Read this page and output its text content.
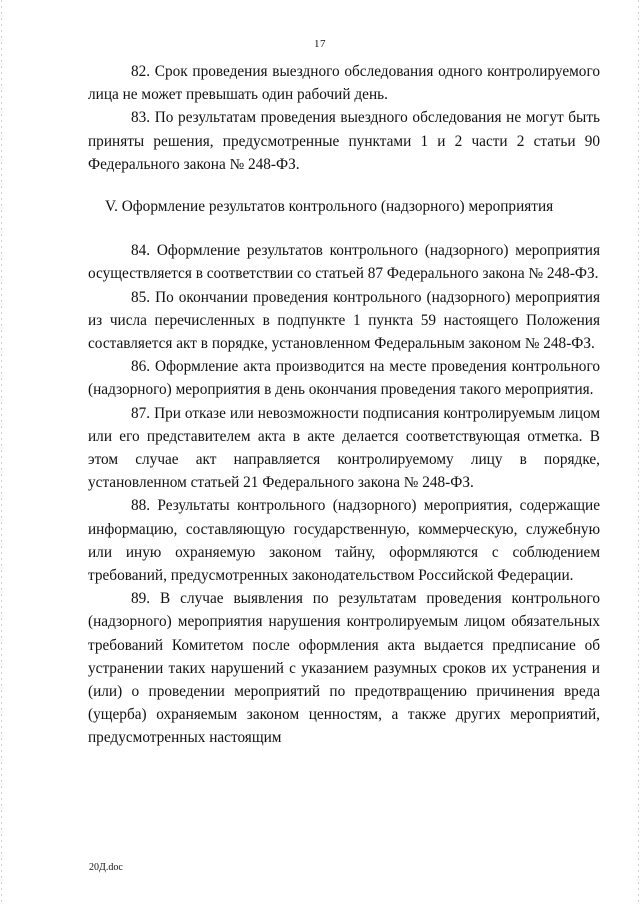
17

82. Срок проведения выездного обследования одного контролируемого лица не может превышать один рабочий день.

83. По результатам проведения выездного обследования не могут быть приняты решения, предусмотренные пунктами 1 и 2 части 2 статьи 90 Федерального закона № 248-ФЗ.

V. Оформление результатов контрольного (надзорного) мероприятия

84. Оформление результатов контрольного (надзорного) мероприятия осуществляется в соответствии со статьей 87 Федерального закона № 248-ФЗ.

85. По окончании проведения контрольного (надзорного) мероприятия из числа перечисленных в подпункте 1 пункта 59 настоящего Положения составляется акт в порядке, установленном Федеральным законом № 248-ФЗ.

86. Оформление акта производится на месте проведения контрольного (надзорного) мероприятия в день окончания проведения такого мероприятия.

87. При отказе или невозможности подписания контролируемым лицом или его представителем акта в акте делается соответствующая отметка. В этом случае акт направляется контролируемому лицу в порядке, установленном статьей 21 Федерального закона № 248-ФЗ.

88. Результаты контрольного (надзорного) мероприятия, содержащие информацию, составляющую государственную, коммерческую, служебную или иную охраняемую законом тайну, оформляются с соблюдением требований, предусмотренных законодательством Российской Федерации.

89. В случае выявления по результатам проведения контрольного (надзорного) мероприятия нарушения контролируемым лицом обязательных требований Комитетом после оформления акта выдается предписание об устранении таких нарушений с указанием разумных сроков их устранения и (или) о проведении мероприятий по предотвращению причинения вреда (ущерба) охраняемым законом ценностям, а также других мероприятий, предусмотренных настоящим

20Д.doc
